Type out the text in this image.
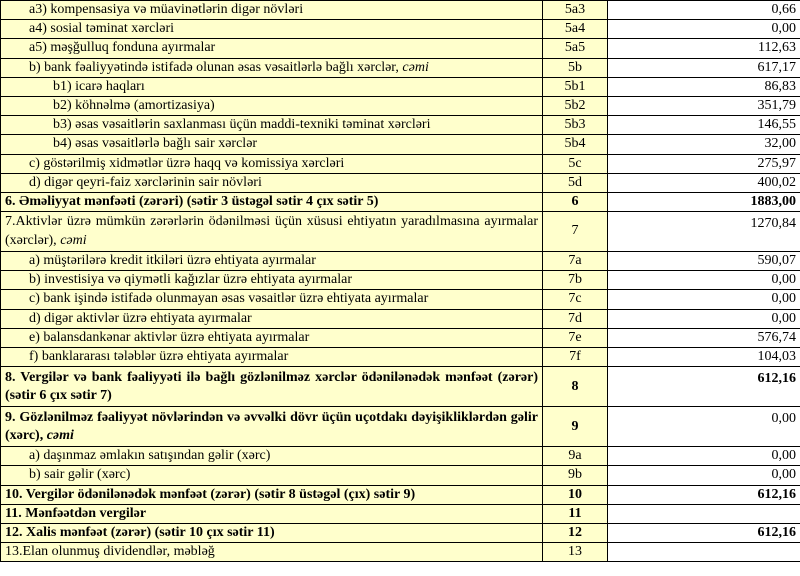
a3) kompensasiya və müavinətlərin digər növləri	5a3	0,66
a4) sosial təminat xərcləri	5a4	0,00
a5) məşğulluq fonduna ayırmalar	5a5	112,63
b) bank fəaliyyətində istifadə olunan əsas vəsaitlərlə bağlı xərclər, cəmi	5b	617,17
b1) icarə haqları	5b1	86,83
b2) köhnəlmə (amortizasiya)	5b2	351,79
b3) əsas vəsaitlərin saxlanması üçün maddi-texniki təminat xərcləri	5b3	146,55
b4) əsas vəsaitlərlə bağlı sair xərclər	5b4	32,00
c) göstərilmiş xidmətlər üzrə haqq və komissiya xərcləri	5c	275,97
d) digər qeyri-faiz xərclərinin sair növləri	5d	400,02
6. Əməliyyat mənfəəti (zərəri) (sətir 3 üstəgəl sətir 4 çıx sətir 5)	6	1883,00
7.Aktivlər üzrə mümkün zərərlərin ödənilməsi üçün xüsusi ehtiyatın yaradılmasına ayırmalar (xərclər), cəmi	7	1270,84
a) müştərilərə kredit itkiləri üzrə ehtiyata ayırmalar	7a	590,07
b) investisiya və qiymətli kağızlar üzrə ehtiyata ayırmalar	7b	0,00
c) bank işində istifadə olunmayan əsas vəsaitlər üzrə ehtiyata ayırmalar	7c	0,00
d) digər aktivlər üzrə ehtiyata ayırmalar	7d	0,00
e) balansdankənar aktivlər üzrə ehtiyata ayırmalar	7e	576,74
f) banklararası tələblər üzrə ehtiyata ayırmalar	7f	104,03
8. Vergilər və bank fəaliyyəti ilə bağlı gözlənilməz xərclər ödənilənədək mənfəət (zərər) (sətir 6 çıx sətir 7)	8	612,16
9. Gözlənilməz fəaliyyət növlərindən və əvvəlki dövr üçün uçotdakı dəyişikliklərdən gəlir (xərc), cəmi	9	0,00
a) daşınmaz əmlakın satışından gəlir (xərc)	9a	0,00
b) sair gəlir (xərc)	9b	0,00
10. Vergilər ödənilənədək mənfəət (zərər) (sətir 8 üstəgəl (çıx) sətir 9)	10	612,16
11. Mənfəətdən vergilər	11	
12. Xalis mənfəət (zərər) (sətir 10 çıx sətir 11)	12	612,16
13.Elan olunmuş dividendlər, məbləğ	13	
